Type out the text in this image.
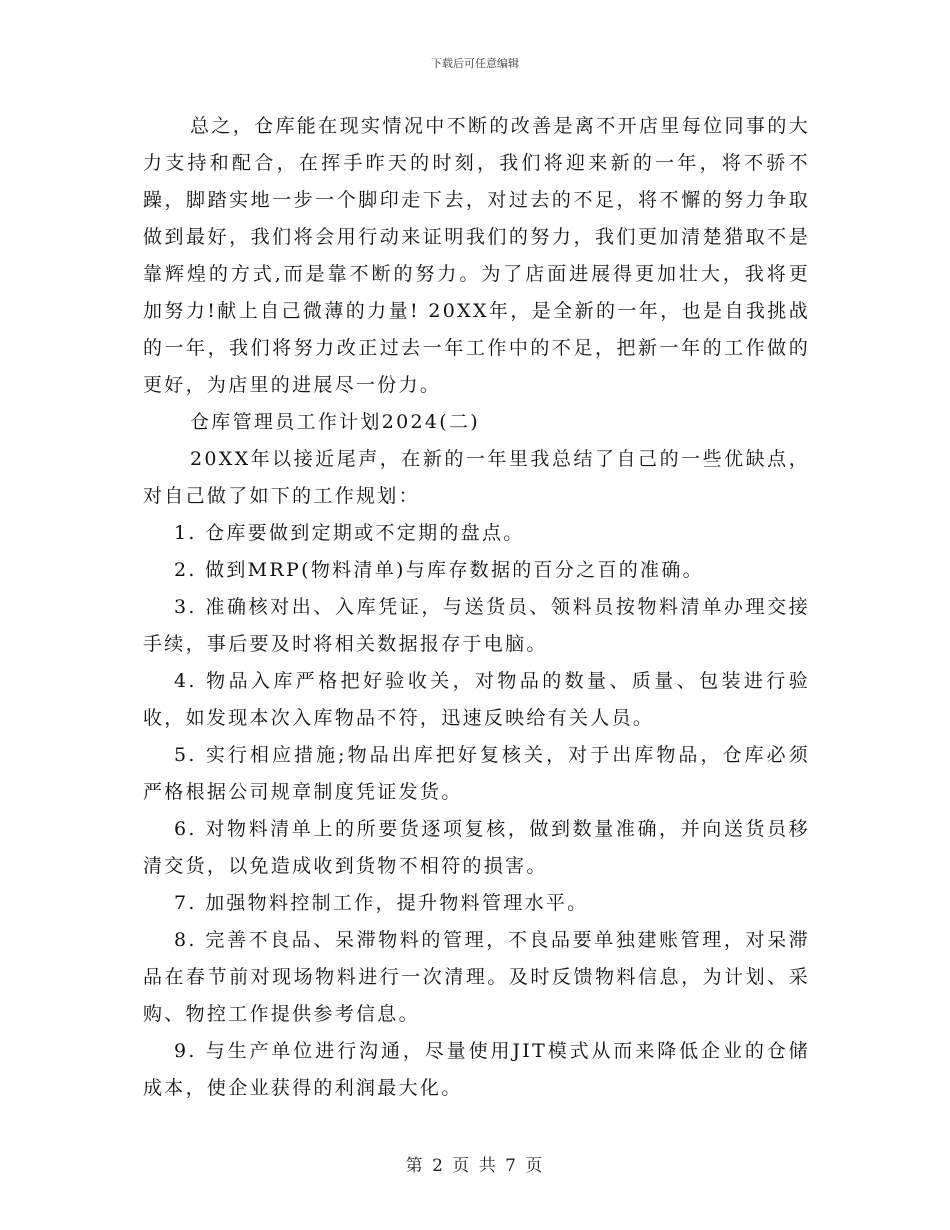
下载后可任意编辑

总之，仓库能在现实情况中不断的改善是离不开店里每位同事的大力支持和配合，在挥手昨天的时刻，我们将迎来新的一年，将不骄不躁，脚踏实地一步一个脚印走下去，对过去的不足，将不懈的努力争取做到最好，我们将会用行动来证明我们的努力，我们更加清楚猎取不是靠辉煌的方式,而是靠不断的努力。为了店面进展得更加壮大，我将更加努力!献上自己微薄的力量! 20XX年，是全新的一年，也是自我挑战的一年，我们将努力改正过去一年工作中的不足，把新一年的工作做的更好，为店里的进展尽一份力。

仓库管理员工作计划2024(二)

20XX年以接近尾声，在新的一年里我总结了自己的一些优缺点，对自己做了如下的工作规划：

1. 仓库要做到定期或不定期的盘点。

2. 做到MRP(物料清单)与库存数据的百分之百的准确。

3. 准确核对出、入库凭证，与送货员、领料员按物料清单办理交接手续，事后要及时将相关数据报存于电脑。

4. 物品入库严格把好验收关，对物品的数量、质量、包装进行验收，如发现本次入库物品不符，迅速反映给有关人员。

5. 实行相应措施;物品出库把好复核关，对于出库物品，仓库必须严格根据公司规章制度凭证发货。

6. 对物料清单上的所要货逐项复核，做到数量准确，并向送货员移清交货，以免造成收到货物不相符的损害。

7. 加强物料控制工作，提升物料管理水平。

8. 完善不良品、呆滞物料的管理，不良品要单独建账管理，对呆滞品在春节前对现场物料进行一次清理。及时反馈物料信息，为计划、采购、物控工作提供参考信息。

9. 与生产单位进行沟通，尽量使用JIT模式从而来降低企业的仓储成本，使企业获得的利润最大化。

第 2 页 共 7 页
